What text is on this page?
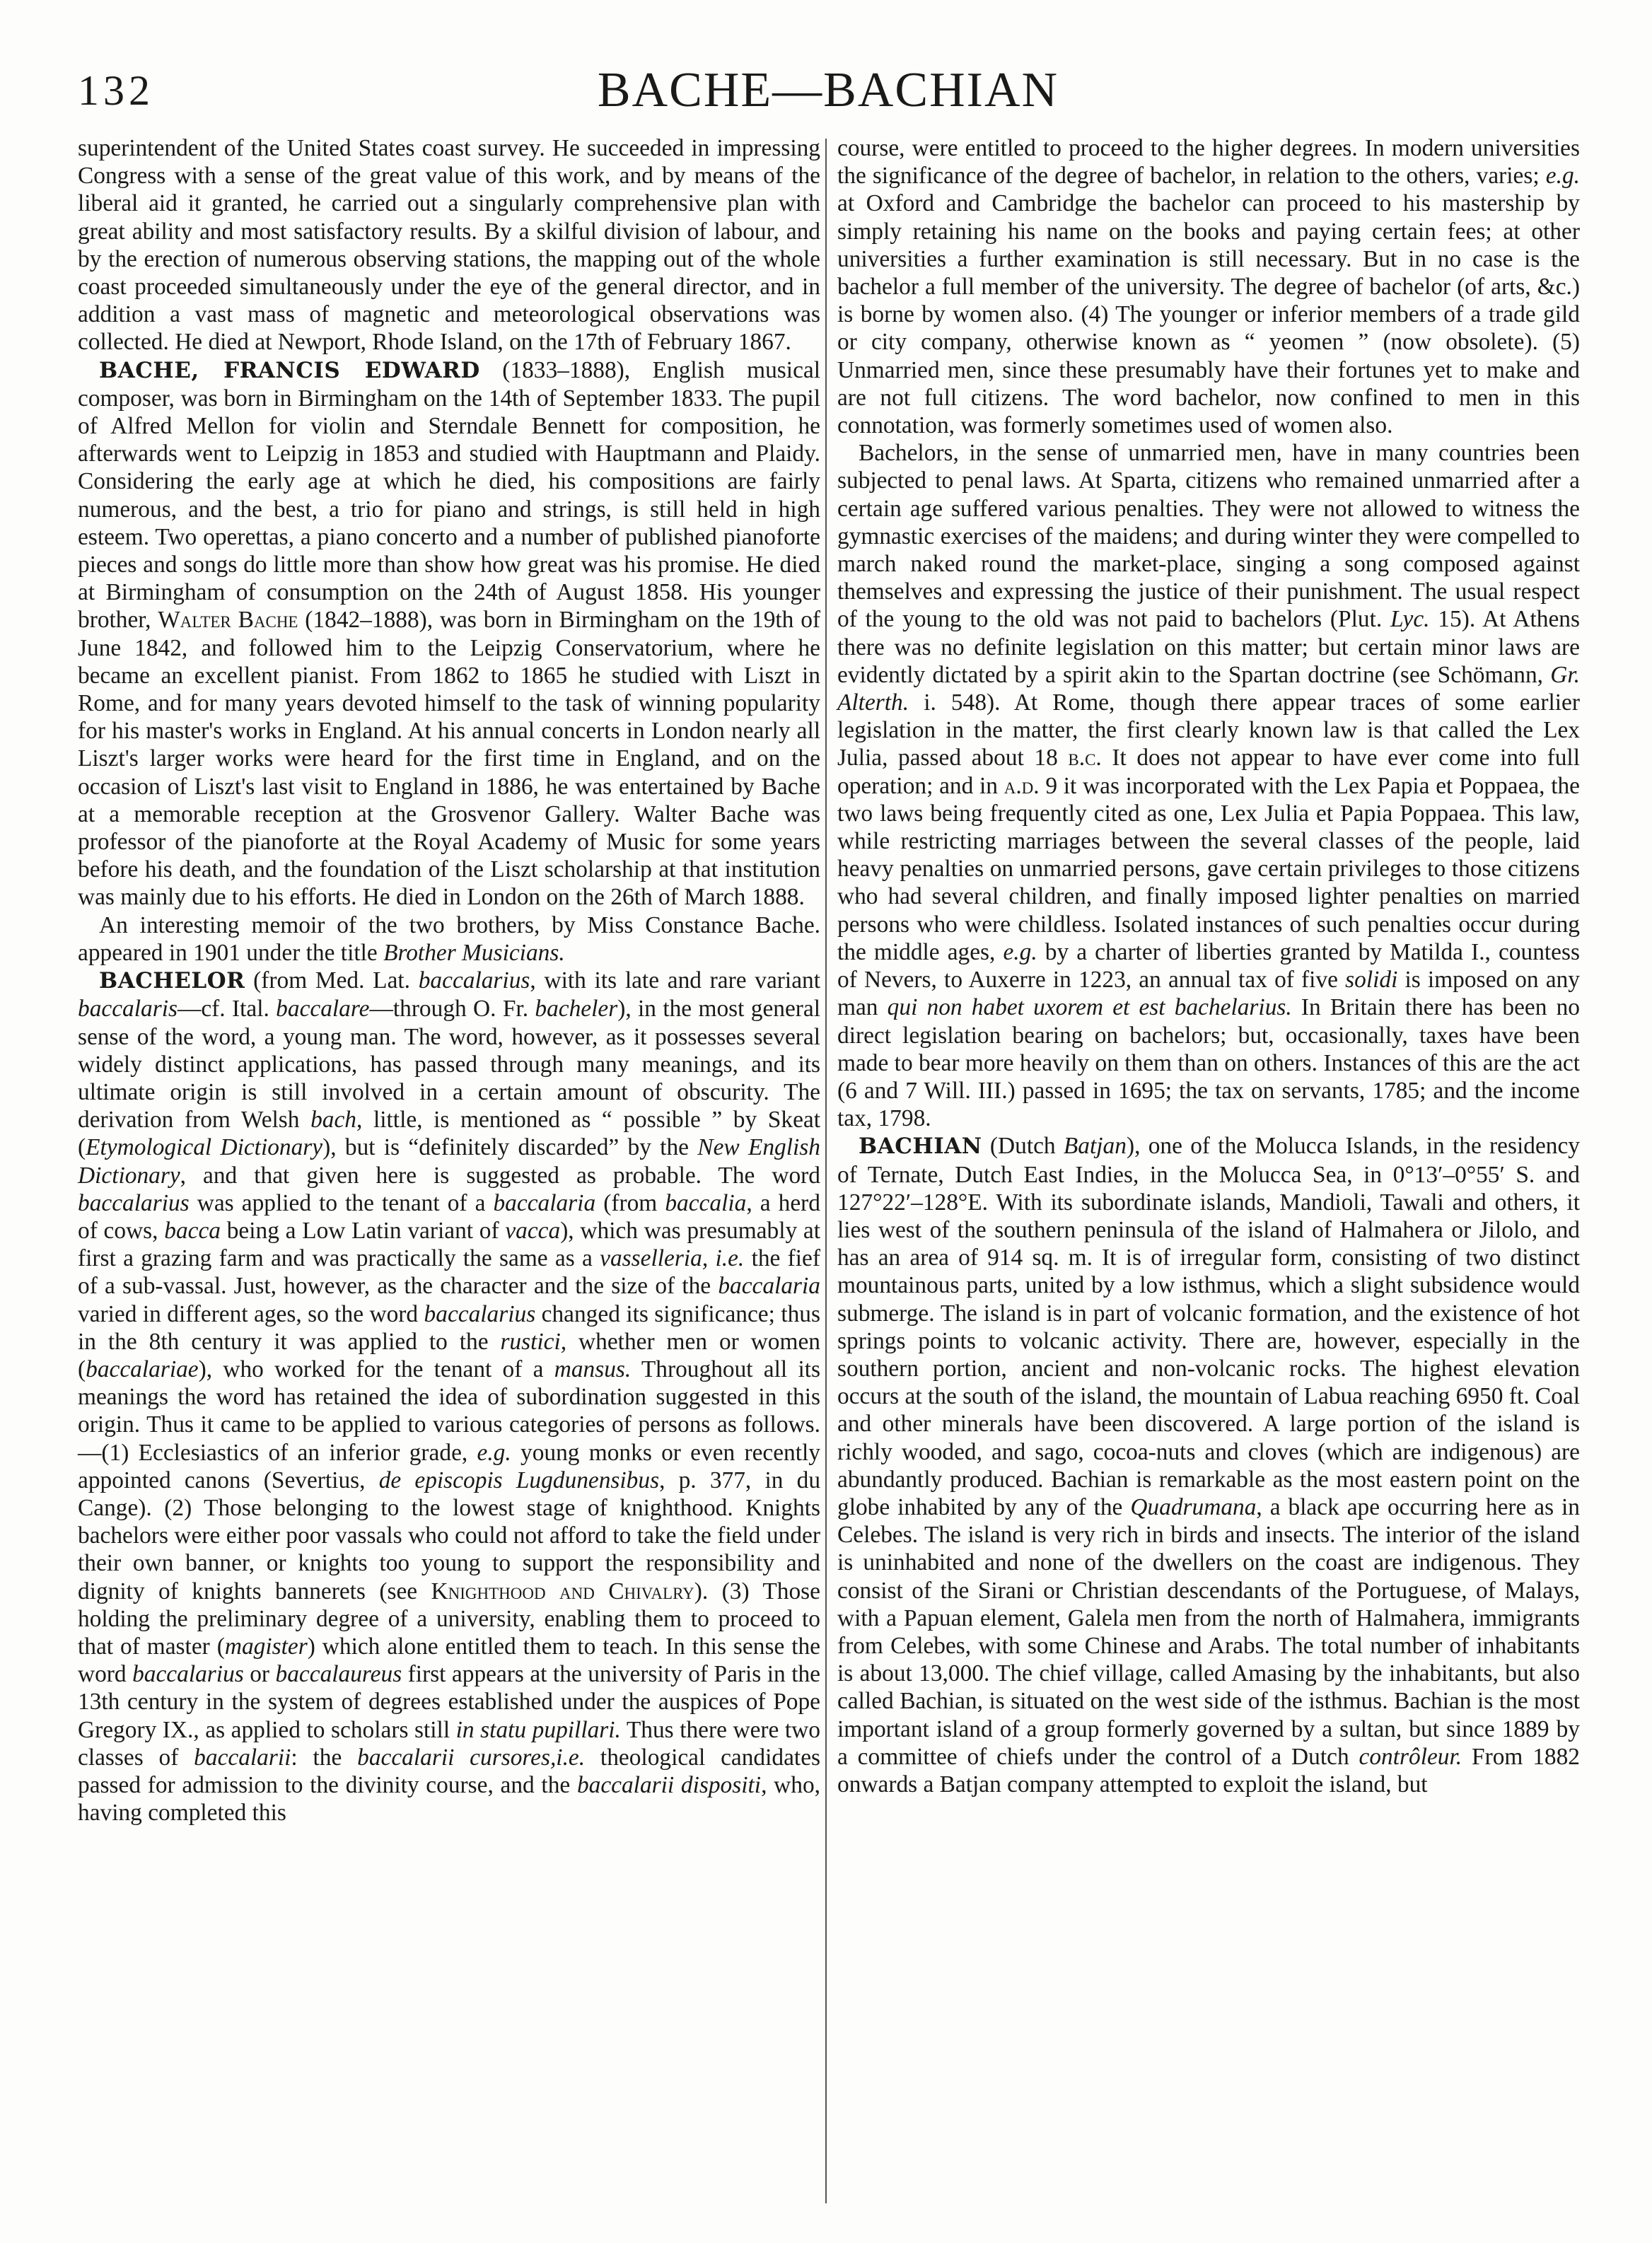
132	BACHE—BACHIAN

superintendent of the United States coast survey. He succeeded in impressing Congress with a sense of the great value of this work, and by means of the liberal aid it granted, he carried out a singularly comprehensive plan with great ability and most satisfactory results. By a skilful division of labour, and by the erection of numerous observing stations, the mapping out of the whole coast proceeded simultaneously under the eye of the general director, and in addition a vast mass of magnetic and meteorological observations was collected. He died at Newport, Rhode Island, on the 17th of February 1867.

BACHE, FRANCIS EDWARD (1833–1888), English musical composer, was born in Birmingham on the 14th of September 1833. The pupil of Alfred Mellon for violin and Sterndale Bennett for composition, he afterwards went to Leipzig in 1853 and studied with Hauptmann and Plaidy. Considering the early age at which he died, his compositions are fairly numerous, and the best, a trio for piano and strings, is still held in high esteem. Two operettas, a piano concerto and a number of published pianoforte pieces and songs do little more than show how great was his promise. He died at Birmingham of consumption on the 24th of August 1858. His younger brother, Walter Bache (1842–1888), was born in Birmingham on the 19th of June 1842, and followed him to the Leipzig Conservatorium, where he became an excellent pianist. From 1862 to 1865 he studied with Liszt in Rome, and for many years devoted himself to the task of winning popularity for his master's works in England. At his annual concerts in London nearly all Liszt's larger works were heard for the first time in England, and on the occasion of Liszt's last visit to England in 1886, he was entertained by Bache at a memorable reception at the Grosvenor Gallery. Walter Bache was professor of the pianoforte at the Royal Academy of Music for some years before his death, and the foundation of the Liszt scholarship at that institution was mainly due to his efforts. He died in London on the 26th of March 1888.

An interesting memoir of the two brothers, by Miss Constance Bache. appeared in 1901 under the title Brother Musicians.

BACHELOR (from Med. Lat. baccalarius, with its late and rare variant baccalaris—cf. Ital. baccalare—through O. Fr. bacheler), in the most general sense of the word, a young man. The word, however, as it possesses several widely distinct applications, has passed through many meanings, and its ultimate origin is still involved in a certain amount of obscurity. The derivation from Welsh bach, little, is mentioned as “ possible ” by Skeat (Etymological Dictionary), but is “definitely discarded” by the New English Dictionary, and that given here is suggested as probable. The word baccalarius was applied to the tenant of a baccalaria (from baccalia, a herd of cows, bacca being a Low Latin variant of vacca), which was presumably at first a grazing farm and was practically the same as a vasselleria, i.e. the fief of a sub-vassal. Just, however, as the character and the size of the baccalaria varied in different ages, so the word baccalarius changed its significance; thus in the 8th century it was applied to the rustici, whether men or women (baccalariae), who worked for the tenant of a mansus. Throughout all its meanings the word has retained the idea of subordination suggested in this origin. Thus it came to be applied to various categories of persons as follows.—(1) Ecclesiastics of an inferior grade, e.g. young monks or even recently appointed canons (Severtius, de episcopis Lugdunensibus, p. 377, in du Cange). (2) Those belonging to the lowest stage of knighthood. Knights bachelors were either poor vassals who could not afford to take the field under their own banner, or knights too young to support the responsibility and dignity of knights bannerets (see Knighthood and Chivalry). (3) Those holding the preliminary degree of a university, enabling them to proceed to that of master (magister) which alone entitled them to teach. In this sense the word baccalarius or baccalaureus first appears at the university of Paris in the 13th century in the system of degrees established under the auspices of Pope Gregory IX., as applied to scholars still in statu pupillari. Thus there were two classes of baccalarii: the baccalarii cursores,i.e. theological candidates passed for admission to the divinity course, and the baccalarii dispositi, who, having completed this

course, were entitled to proceed to the higher degrees. In modern universities the significance of the degree of bachelor, in relation to the others, varies; e.g. at Oxford and Cambridge the bachelor can proceed to his mastership by simply retaining his name on the books and paying certain fees; at other universities a further examination is still necessary. But in no case is the bachelor a full member of the university. The degree of bachelor (of arts, &c.) is borne by women also. (4) The younger or inferior members of a trade gild or city company, otherwise known as “ yeomen ” (now obsolete). (5) Unmarried men, since these presumably have their fortunes yet to make and are not full citizens. The word bachelor, now confined to men in this connotation, was formerly sometimes used of women also.

Bachelors, in the sense of unmarried men, have in many countries been subjected to penal laws. At Sparta, citizens who remained unmarried after a certain age suffered various penalties. They were not allowed to witness the gymnastic exercises of the maidens; and during winter they were compelled to march naked round the market-place, singing a song composed against themselves and expressing the justice of their punishment. The usual respect of the young to the old was not paid to bachelors (Plut. Lyc. 15). At Athens there was no definite legislation on this matter; but certain minor laws are evidently dictated by a spirit akin to the Spartan doctrine (see Schömann, Gr. Alterth. i. 548). At Rome, though there appear traces of some earlier legislation in the matter, the first clearly known law is that called the Lex Julia, passed about 18 b.c. It does not appear to have ever come into full operation; and in a.d. 9 it was incorporated with the Lex Papia et Poppaea, the two laws being frequently cited as one, Lex Julia et Papia Poppaea. This law, while restricting marriages between the several classes of the people, laid heavy penalties on unmarried persons, gave certain privileges to those citizens who had several children, and finally imposed lighter penalties on married persons who were childless. Isolated instances of such penalties occur during the middle ages, e.g. by a charter of liberties granted by Matilda I., countess of Nevers, to Auxerre in 1223, an annual tax of five solidi is imposed on any man qui non habet uxorem et est bachelarius. In Britain there has been no direct legislation bearing on bachelors; but, occasionally, taxes have been made to bear more heavily on them than on others. Instances of this are the act (6 and 7 Will. III.) passed in 1695; the tax on servants, 1785; and the income tax, 1798.

BACHIAN (Dutch Batjan), one of the Molucca Islands, in the residency of Ternate, Dutch East Indies, in the Molucca Sea, in 0°13′–0°55′ S. and 127°22′–128°E. With its subordinate islands, Mandioli, Tawali and others, it lies west of the southern peninsula of the island of Halmahera or Jilolo, and has an area of 914 sq. m. It is of irregular form, consisting of two distinct mountainous parts, united by a low isthmus, which a slight subsidence would submerge. The island is in part of volcanic formation, and the existence of hot springs points to volcanic activity. There are, however, especially in the southern portion, ancient and non-volcanic rocks. The highest elevation occurs at the south of the island, the mountain of Labua reaching 6950 ft. Coal and other minerals have been discovered. A large portion of the island is richly wooded, and sago, cocoa-nuts and cloves (which are indigenous) are abundantly produced. Bachian is remarkable as the most eastern point on the globe inhabited by any of the Quadrumana, a black ape occurring here as in Celebes. The island is very rich in birds and insects. The interior of the island is uninhabited and none of the dwellers on the coast are indigenous. They consist of the Sirani or Christian descendants of the Portuguese, of Malays, with a Papuan element, Galela men from the north of Halmahera, immigrants from Celebes, with some Chinese and Arabs. The total number of inhabitants is about 13,000. The chief village, called Amasing by the inhabitants, but also called Bachian, is situated on the west side of the isthmus. Bachian is the most important island of a group formerly governed by a sultan, but since 1889 by a committee of chiefs under the control of a Dutch contrôleur. From 1882 onwards a Batjan company attempted to exploit the island, but
